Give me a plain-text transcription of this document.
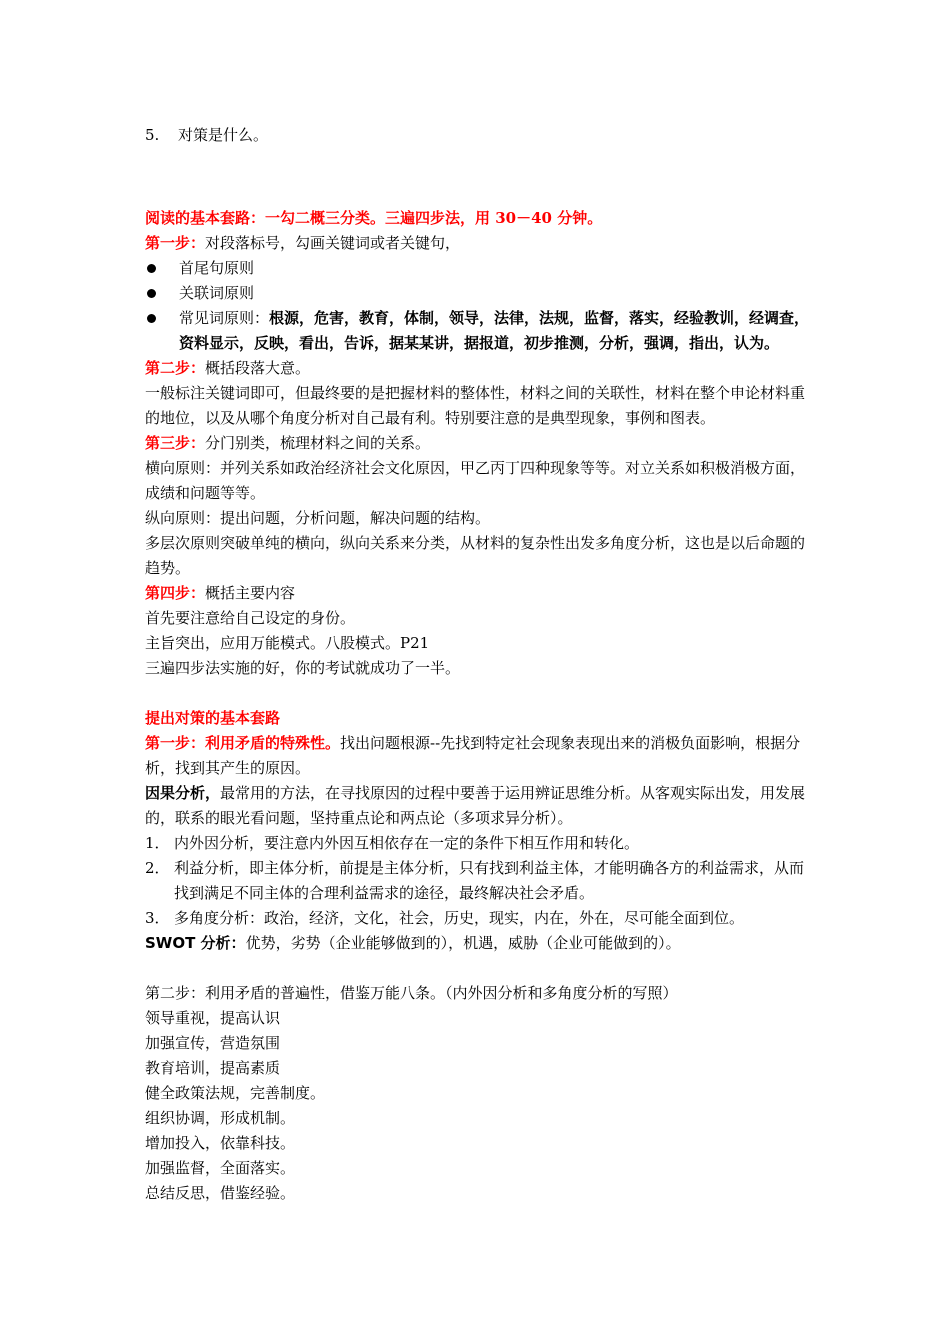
5. 对策是什么。
阅读的基本套路：一勾二概三分类。三遍四步法，用 30－40 分钟。
第一步：对段落标号，勾画关键词或者关键句，
首尾句原则
关联词原则
常见词原则：根源，危害，教育，体制，领导，法律，法规，监督，落实，经验教训，经调查，
资料显示，反映，看出，告诉，据某某讲，据报道，初步推测，分析，强调，指出，认为。
第二步：概括段落大意。
一般标注关键词即可，但最终要的是把握材料的整体性，材料之间的关联性，材料在整个申论材料重的地位，以及从哪个角度分析对自己最有利。特别要注意的是典型现象，事例和图表。
第三步：分门别类，梳理材料之间的关系。
横向原则：并列关系如政治经济社会文化原因，甲乙丙丁四种现象等等。对立关系如积极消极方面，成绩和问题等等。
纵向原则：提出问题，分析问题，解决问题的结构。
多层次原则突破单纯的横向，纵向关系来分类，从材料的复杂性出发多角度分析，这也是以后命题的趋势。
第四步：概括主要内容
首先要注意给自己设定的身份。
主旨突出，应用万能模式。八股模式。P21
三遍四步法实施的好，你的考试就成功了一半。
提出对策的基本套路
第一步：利用矛盾的特殊性。找出问题根源--先找到特定社会现象表现出来的消极负面影响，根据分析，找到其产生的原因。
因果分析，最常用的方法，在寻找原因的过程中要善于运用辨证思维分析。从客观实际出发，用发展的，联系的眼光看问题，坚持重点论和两点论（多项求异分析）。
1． 内外因分析，要注意内外因互相依存在一定的条件下相互作用和转化。
2． 利益分析，即主体分析，前提是主体分析，只有找到利益主体，才能明确各方的利益需求，从而找到满足不同主体的合理利益需求的途径，最终解决社会矛盾。
3． 多角度分析：政治，经济，文化，社会，历史，现实，内在，外在，尽可能全面到位。
SWOT 分析：优势，劣势（企业能够做到的），机遇，威胁（企业可能做到的）。
第二步：利用矛盾的普遍性，借鉴万能八条。（内外因分析和多角度分析的写照）
领导重视，提高认识
加强宣传，营造氛围
教育培训，提高素质
健全政策法规，完善制度。
组织协调，形成机制。
增加投入，依靠科技。
加强监督，全面落实。
总结反思，借鉴经验。
